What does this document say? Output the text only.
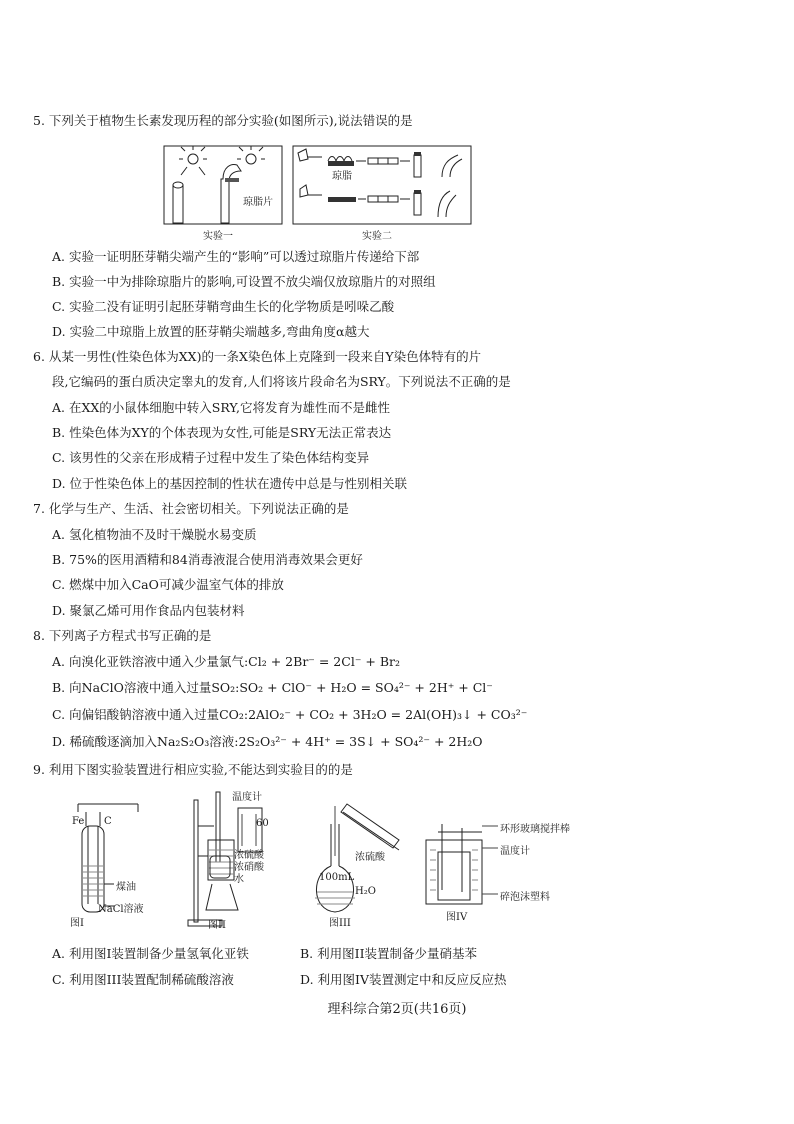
5. 下列关于植物生长素发现历程的部分实验(如图所示),说法错误的是
琼脂片
实验一
琼脂
实验二
A. 实验一证明胚芽鞘尖端产生的“影响”可以透过琼脂片传递给下部
B. 实验一中为排除琼脂片的影响,可设置不放尖端仅放琼脂片的对照组
C. 实验二没有证明引起胚芽鞘弯曲生长的化学物质是吲哚乙酸
D. 实验二中琼脂上放置的胚芽鞘尖端越多,弯曲角度α越大
6. 从某一男性(性染色体为XX)的一条X染色体上克隆到一段来自Y染色体特有的片
段,它编码的蛋白质决定睾丸的发育,人们将该片段命名为SRY。下列说法不正确的是
A. 在XX的小鼠体细胞中转入SRY,它将发育为雄性而不是雌性
B. 性染色体为XY的个体表现为女性,可能是SRY无法正常表达
C. 该男性的父亲在形成精子过程中发生了染色体结构变异
D. 位于性染色体上的基因控制的性状在遗传中总是与性别相关联
7. 化学与生产、生活、社会密切相关。下列说法正确的是
A. 氢化植物油不及时干燥脱水易变质
B. 75%的医用酒精和84消毒液混合使用消毒效果会更好
C. 燃煤中加入CaO可减少温室气体的排放
D. 聚氯乙烯可用作食品内包装材料
8. 下列离子方程式书写正确的是
A. 向溴化亚铁溶液中通入少量氯气:Cl₂ + 2Br⁻ = 2Cl⁻ + Br₂
B. 向NaClO溶液中通入过量SO₂:SO₂ + ClO⁻ + H₂O = SO₄²⁻ + 2H⁺ + Cl⁻
C. 向偏铝酸钠溶液中通入过量CO₂:2AlO₂⁻ + CO₂ + 3H₂O = 2Al(OH)₃↓ + CO₃²⁻
D. 稀硫酸逐滴加入Na₂S₂O₃溶液:2S₂O₃²⁻ + 4H⁺ = 3S↓ + SO₄²⁻ + 2H₂O
9. 利用下图实验装置进行相应实验,不能达到实验目的的是
Fe C
煤油
NaCl溶液
图I
温度计
60
浓硫酸
浓硝酸
水
图II
浓硫酸
100mL
H₂O
图III
环形玻璃搅拌棒
温度计
碎泡沫塑料
图IV
A. 利用图I装置制备少量氢氧化亚铁	B. 利用图II装置制备少量硝基苯
C. 利用图III装置配制稀硫酸溶液	D. 利用图IV装置测定中和反应反应热
理科综合第2页(共16页)
